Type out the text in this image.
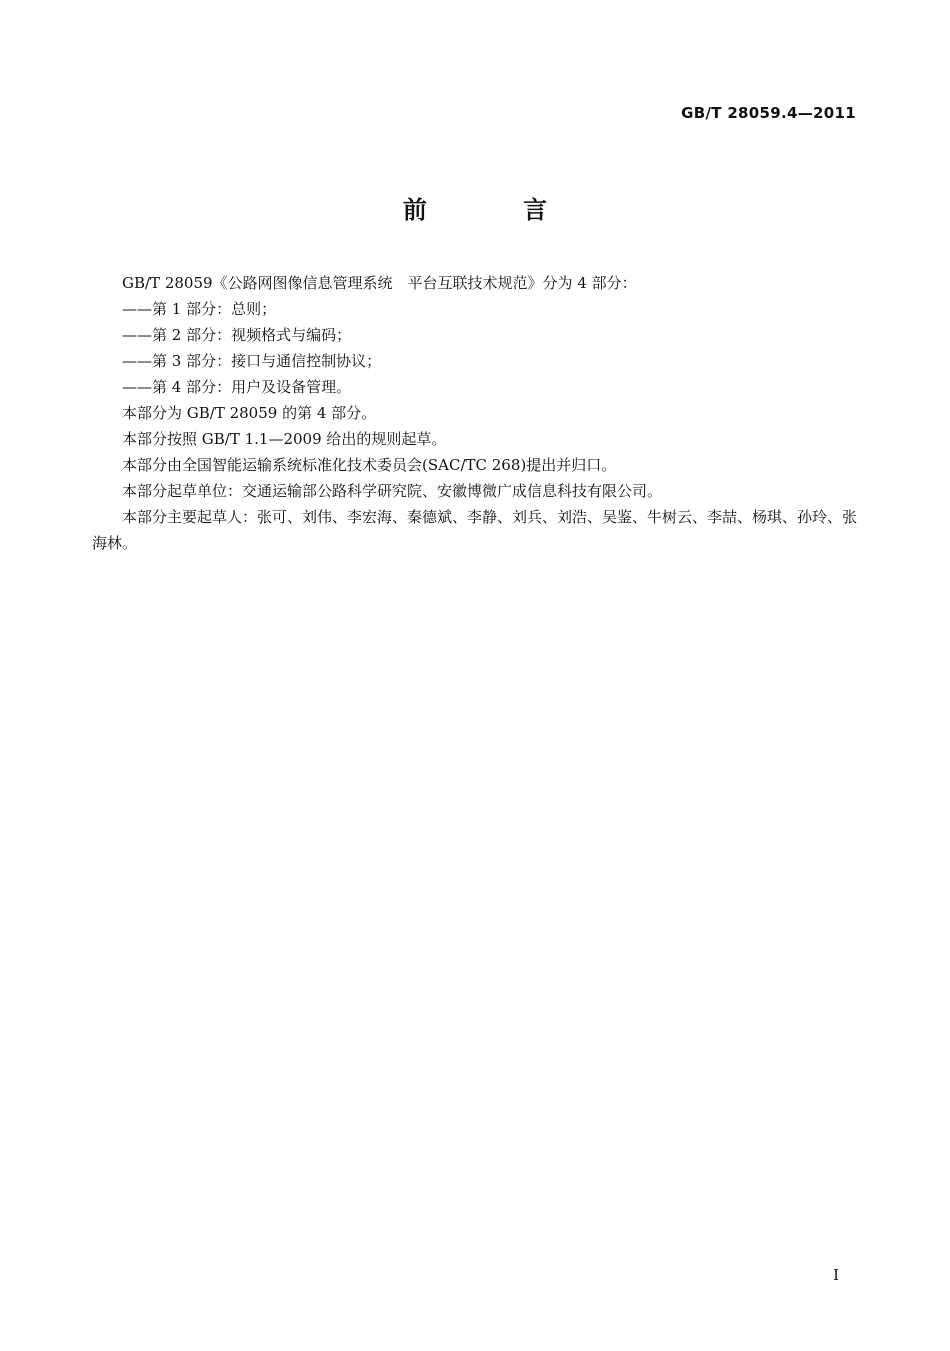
GB/T 28059.4—2011
前 言

GB/T 28059《公路网图像信息管理系统　平台互联技术规范》分为 4 部分：

——第 1 部分：总则；

——第 2 部分：视频格式与编码；

——第 3 部分：接口与通信控制协议；

——第 4 部分：用户及设备管理。

本部分为 GB/T 28059 的第 4 部分。

本部分按照 GB/T 1.1—2009 给出的规则起草。

本部分由全国智能运输系统标准化技术委员会(SAC/TC 268)提出并归口。

本部分起草单位：交通运输部公路科学研究院、安徽博微广成信息科技有限公司。

本部分主要起草人：张可、刘伟、李宏海、秦德斌、李静、刘兵、刘浩、吴鉴、牛树云、李喆、杨琪、孙玲、张海林。

I
